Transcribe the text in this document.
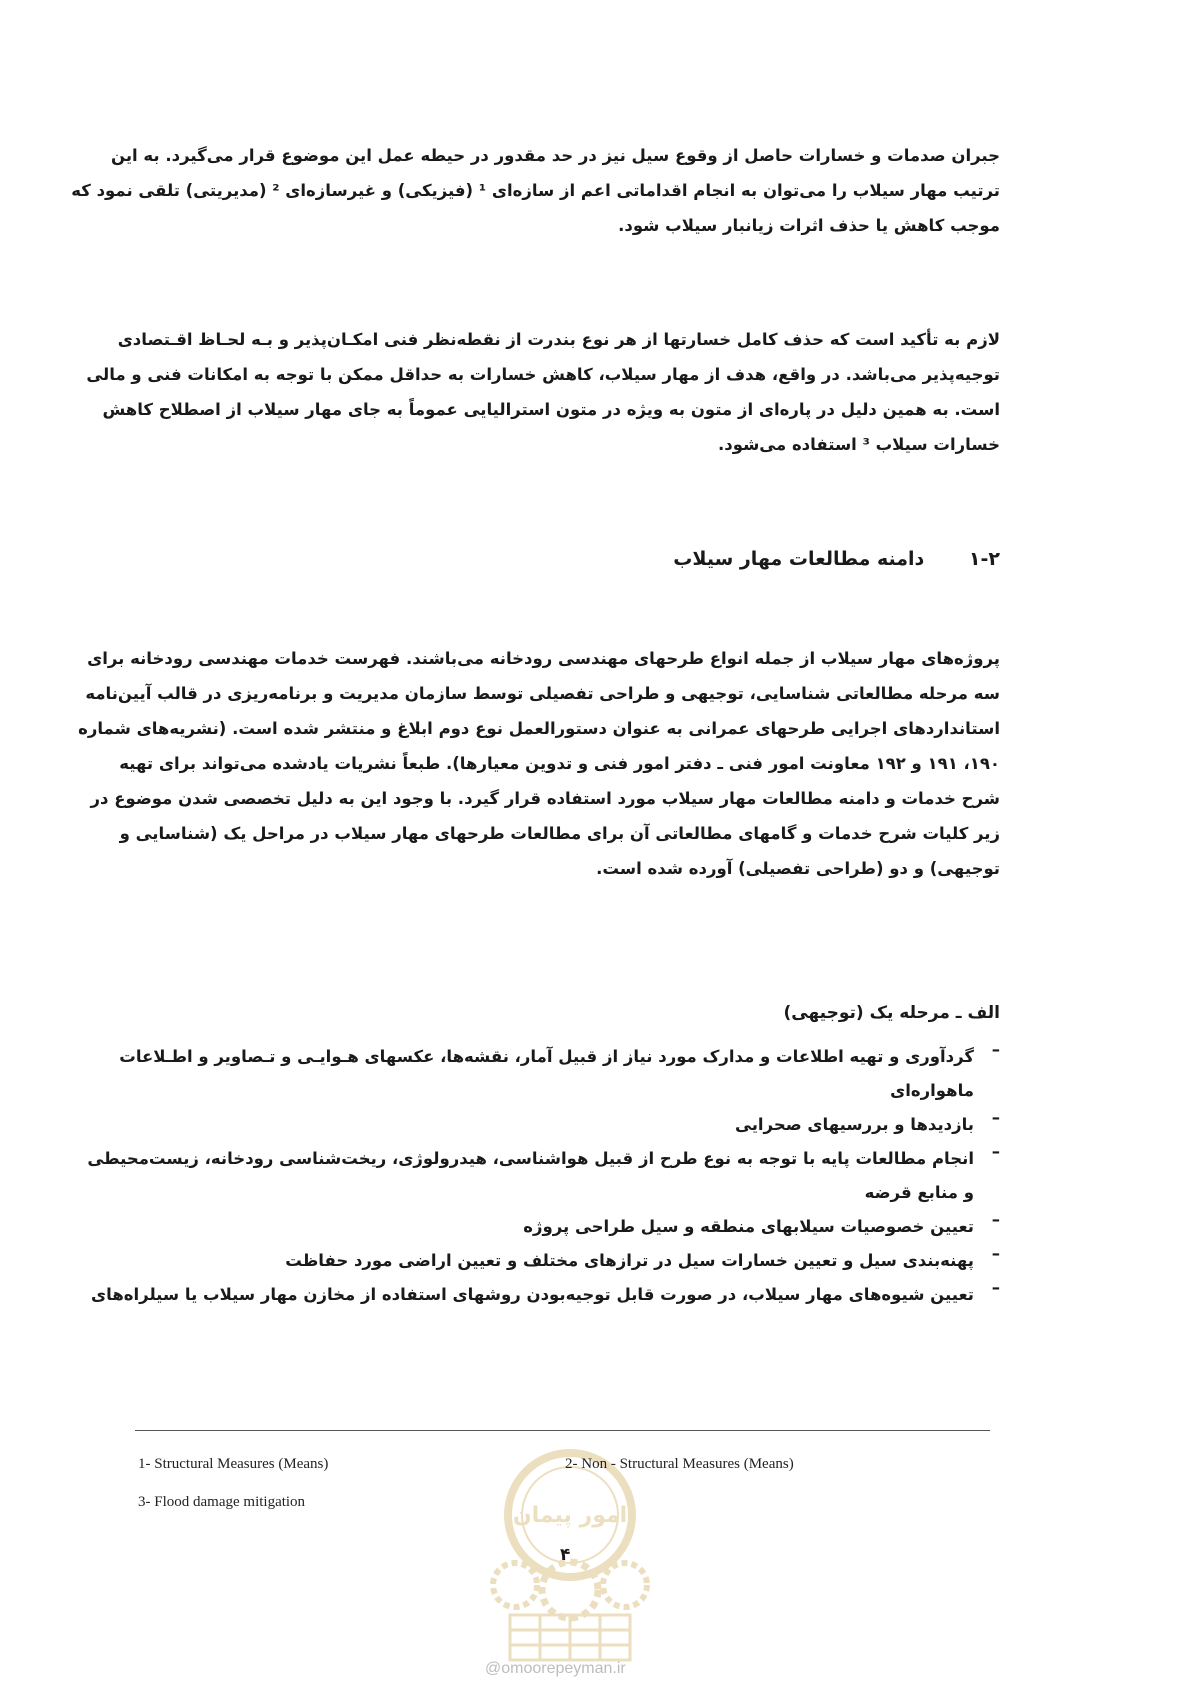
جبران صدمات و خسارات حاصل از وقوع سیل نیز در حد مقدور در حیطه عمل این موضوع قرار می‌گیرد. به این
ترتیب مهار سیلاب را می‌توان به انجام اقداماتی اعم از سازه‌ای ¹ (فیزیکی) و غیرسازه‌ای ² (مدیریتی) تلقی نمود که
موجب کاهش یا حذف اثرات زیانبار سیلاب شود.
لازم به تأکید است که حذف کامل خسارتها از هر نوع بندرت از نقطه‌نظر فنی امکـان‌پذیر و بـه لحـاظ اقـتصادی
توجیه‌پذیر می‌باشد. در واقع، هدف از مهار سیلاب، کاهش خسارات به حداقل ممکن با توجه به امکانات فنی و مالی
است. به همین دلیل در پاره‌ای از متون به ویژه در متون استرالیایی عموماً به جای مهار سیلاب از اصطلاح کاهش
خسارات سیلاب ³ استفاده می‌شود.
۱-۲ دامنه مطالعات مهار سیلاب
پروژه‌های مهار سیلاب از جمله انواع طرحهای مهندسی رودخانه می‌باشند. فهرست خدمات مهندسی رودخانه برای
سه مرحله مطالعاتی شناسایی، توجیهی و طراحی تفصیلی توسط سازمان مدیریت و برنامه‌ریزی در قالب آیین‌نامه
استانداردهای اجرایی طرحهای عمرانی به عنوان دستورالعمل نوع دوم ابلاغ و منتشر شده است. (نشریه‌های شماره
۱۹۰، ۱۹۱ و ۱۹۲ معاونت امور فنی ـ دفتر امور فنی و تدوین معیارها). طبعاً نشریات یادشده می‌تواند برای تهیه
شرح خدمات و دامنه مطالعات مهار سیلاب مورد استفاده قرار گیرد. با وجود این به دلیل تخصصی شدن موضوع در
زیر کلیات شرح خدمات و گامهای مطالعاتی آن برای مطالعات طرحهای مهار سیلاب در مراحل یک (شناسایی و
توجیهی) و دو (طراحی تفصیلی) آورده شده است.
الف ـ مرحله یک (توجیهی)
–
گردآوری و تهیه اطلاعات و مدارک مورد نیاز از قبیل آمار، نقشه‌ها، عکسهای هـوایـی و تـصاویر و اطـلاعات
ماهواره‌ای
–
بازدیدها و بررسیهای صحرایی
–
انجام مطالعات پایه با توجه به نوع طرح از قبیل هواشناسی، هیدرولوژی، ریخت‌شناسی رودخانه، زیست‌محیطی
و منابع قرضه
–
تعیین خصوصیات سیلابهای منطقه و سیل طراحی پروژه
–
پهنه‌بندی سیل و تعیین خسارات سیل در ترازهای مختلف و تعیین اراضی مورد حفاظت
–
تعیین شیوه‌های مهار سیلاب، در صورت قابل توجیه‌بودن روشهای استفاده از مخازن مهار سیلاب یا سیلراه‌های
امور پیمان
1- Structural Measures (Means)	2- Non - Structural Measures (Means)
3- Flood damage mitigation
۴
@omoorepeyman.ir
